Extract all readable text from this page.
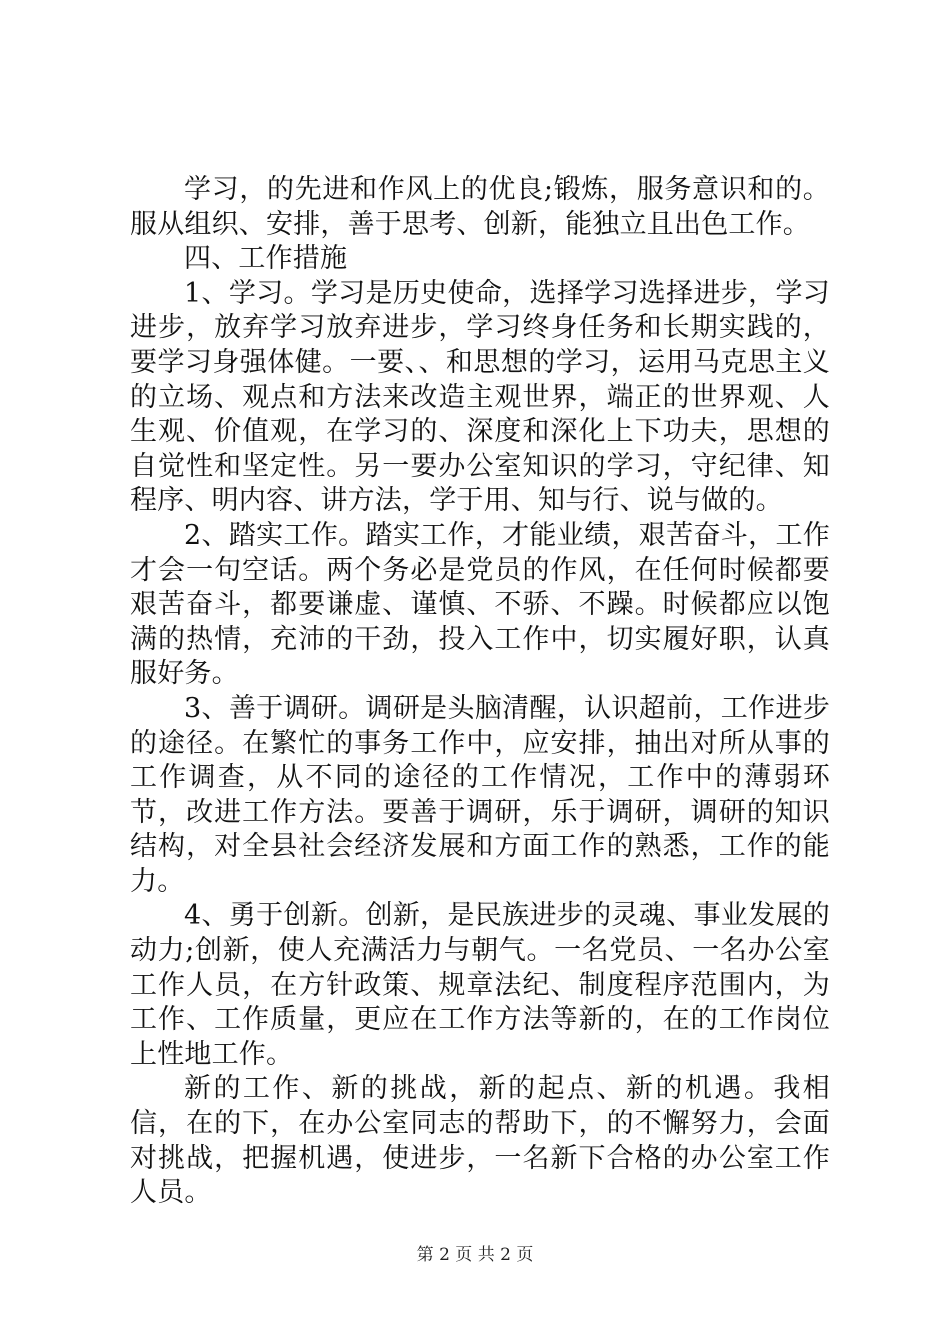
学习，的先进和作风上的优良;锻炼，服务意识和的。服从组织、安排，善于思考、创新，能独立且出色工作。

四、工作措施

1、学习。学习是历史使命，选择学习选择进步，学习进步，放弃学习放弃进步，学习终身任务和长期实践的，要学习身强体健。一要、、和思想的学习，运用马克思主义的立场、观点和方法来改造主观世界，端正的世界观、人生观、价值观，在学习的、深度和深化上下功夫，思想的自觉性和坚定性。另一要办公室知识的学习，守纪律、知程序、明内容、讲方法，学于用、知与行、说与做的。

2、踏实工作。踏实工作，才能业绩，艰苦奋斗，工作才会一句空话。两个务必是党员的作风，在任何时候都要艰苦奋斗，都要谦虚、谨慎、不骄、不躁。时候都应以饱满的热情，充沛的干劲，投入工作中，切实履好职，认真服好务。

3、善于调研。调研是头脑清醒，认识超前，工作进步的途径。在繁忙的事务工作中，应安排，抽出对所从事的工作调查，从不同的途径的工作情况，工作中的薄弱环节，改进工作方法。要善于调研，乐于调研，调研的知识结构，对全县社会经济发展和方面工作的熟悉，工作的能力。

4、勇于创新。创新，是民族进步的灵魂、事业发展的动力;创新，使人充满活力与朝气。一名党员、一名办公室工作人员，在方针政策、规章法纪、制度程序范围内，为工作、工作质量，更应在工作方法等新的，在的工作岗位上性地工作。

新的工作、新的挑战，新的起点、新的机遇。我相信，在的下，在办公室同志的帮助下，的不懈努力，会面对挑战，把握机遇，使进步，一名新下合格的办公室工作人员。

第 2 页 共 2 页
